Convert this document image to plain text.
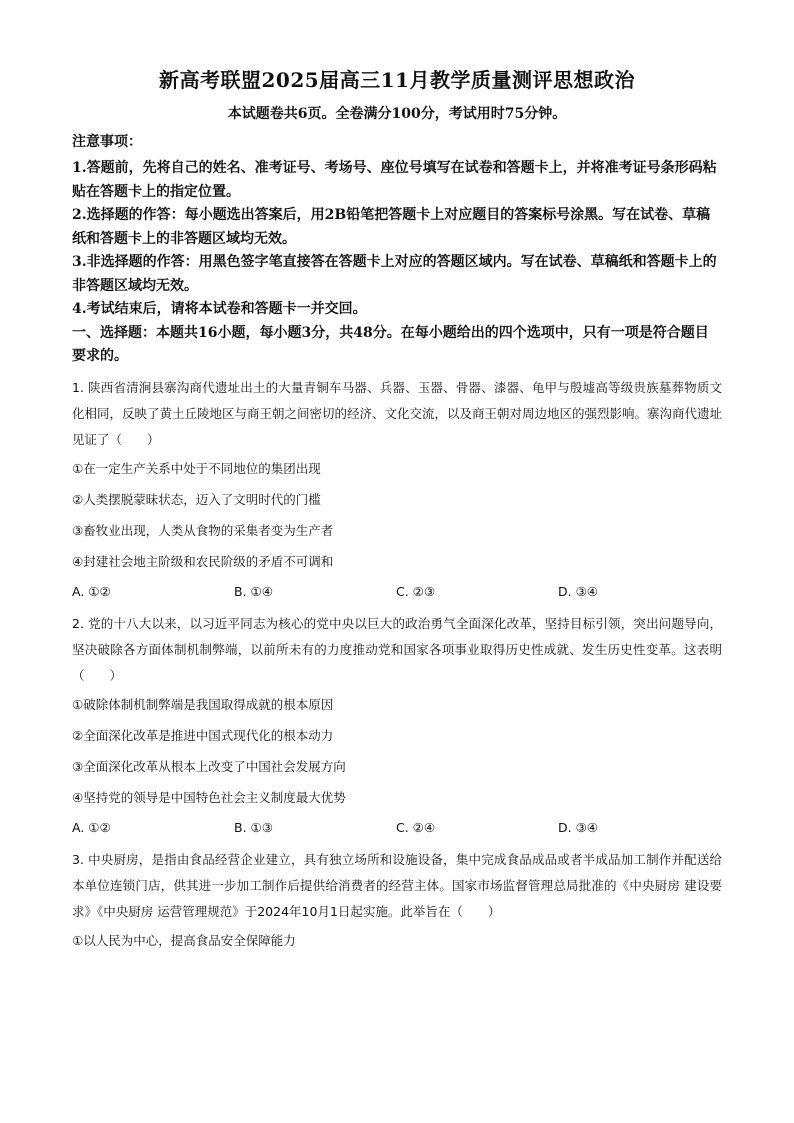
新高考联盟2025届高三11月教学质量测评思想政治
本试题卷共6页。全卷满分100分，考试用时75分钟。
注意事项：

1.答题前，先将自己的姓名、准考证号、考场号、座位号填写在试卷和答题卡上，并将准考证号条形码粘贴在答题卡上的指定位置。

2.选择题的作答：每小题选出答案后，用2B铅笔把答题卡上对应题目的答案标号涂黑。写在试卷、草稿纸和答题卡上的非答题区域均无效。

3.非选择题的作答：用黑色签字笔直接答在答题卡上对应的答题区域内。写在试卷、草稿纸和答题卡上的非答题区域均无效。

4.考试结束后，请将本试卷和答题卡一并交回。

一、选择题：本题共16小题，每小题3分，共48分。在每小题给出的四个选项中，只有一项是符合题目要求的。

1. 陕西省清涧县寨沟商代遗址出土的大量青铜车马器、兵器、玉器、骨器、漆器、龟甲与殷墟高等级贵族墓葬物质文化相同，反映了黄土丘陵地区与商王朝之间密切的经济、文化交流，以及商王朝对周边地区的强烈影响。寨沟商代遗址见证了（　　）

①在一定生产关系中处于不同地位的集团出现

②人类摆脱蒙昧状态，迈入了文明时代的门槛

③畜牧业出现，人类从食物的采集者变为生产者

④封建社会地主阶级和农民阶级的矛盾不可调和

A. ①②	B. ①④	C. ②③	D. ③④

2. 党的十八大以来，以习近平同志为核心的党中央以巨大的政治勇气全面深化改革，坚持目标引领，突出问题导向，坚决破除各方面体制机制弊端，以前所未有的力度推动党和国家各项事业取得历史性成就、发生历史性变革。这表明（　　）

①破除体制机制弊端是我国取得成就的根本原因

②全面深化改革是推进中国式现代化的根本动力

③全面深化改革从根本上改变了中国社会发展方向

④坚持党的领导是中国特色社会主义制度最大优势

A. ①②	B. ①③	C. ②④	D. ③④

3. 中央厨房，是指由食品经营企业建立，具有独立场所和设施设备，集中完成食品成品或者半成品加工制作并配送给本单位连锁门店，供其进一步加工制作后提供给消费者的经营主体。国家市场监督管理总局批准的《中央厨房 建设要求》《中央厨房 运营管理规范》于2024年10月1日起实施。此举旨在（　　）

①以人民为中心，提高食品安全保障能力
